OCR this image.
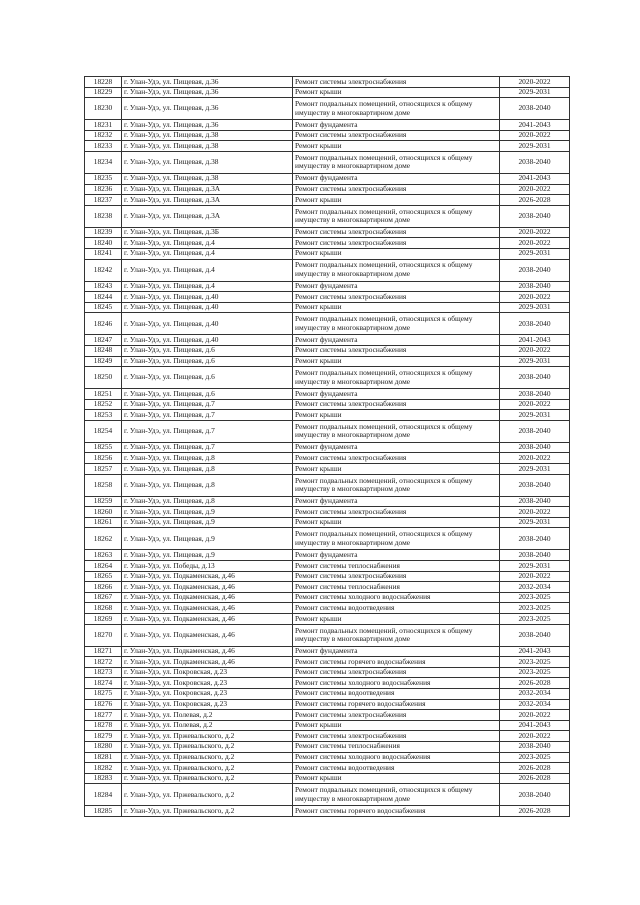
18228	г. Улан-Удэ, ул. Пищевая, д.36	Ремонт системы электроснабжения	2020-2022
18229	г. Улан-Удэ, ул. Пищевая, д.36	Ремонт крыши	2029-2031
18230	г. Улан-Удэ, ул. Пищевая, д.36	Ремонт подвальных помещений, относящихся к общему имуществу в многоквартирном доме	2038-2040
18231	г. Улан-Удэ, ул. Пищевая, д.36	Ремонт фундамента	2041-2043
18232	г. Улан-Удэ, ул. Пищевая, д.38	Ремонт системы электроснабжения	2020-2022
18233	г. Улан-Удэ, ул. Пищевая, д.38	Ремонт крыши	2029-2031
18234	г. Улан-Удэ, ул. Пищевая, д.38	Ремонт подвальных помещений, относящихся к общему имуществу в многоквартирном доме	2038-2040
18235	г. Улан-Удэ, ул. Пищевая, д.38	Ремонт фундамента	2041-2043
18236	г. Улан-Удэ, ул. Пищевая, д.3А	Ремонт системы электроснабжения	2020-2022
18237	г. Улан-Удэ, ул. Пищевая, д.3А	Ремонт крыши	2026-2028
18238	г. Улан-Удэ, ул. Пищевая, д.3А	Ремонт подвальных помещений, относящихся к общему имуществу в многоквартирном доме	2038-2040
18239	г. Улан-Удэ, ул. Пищевая, д.3Б	Ремонт системы электроснабжения	2020-2022
18240	г. Улан-Удэ, ул. Пищевая, д.4	Ремонт системы электроснабжения	2020-2022
18241	г. Улан-Удэ, ул. Пищевая, д.4	Ремонт крыши	2029-2031
18242	г. Улан-Удэ, ул. Пищевая, д.4	Ремонт подвальных помещений, относящихся к общему имуществу в многоквартирном доме	2038-2040
18243	г. Улан-Удэ, ул. Пищевая, д.4	Ремонт фундамента	2038-2040
18244	г. Улан-Удэ, ул. Пищевая, д.40	Ремонт системы электроснабжения	2020-2022
18245	г. Улан-Удэ, ул. Пищевая, д.40	Ремонт крыши	2029-2031
18246	г. Улан-Удэ, ул. Пищевая, д.40	Ремонт подвальных помещений, относящихся к общему имуществу в многоквартирном доме	2038-2040
18247	г. Улан-Удэ, ул. Пищевая, д.40	Ремонт фундамента	2041-2043
18248	г. Улан-Удэ, ул. Пищевая, д.6	Ремонт системы электроснабжения	2020-2022
18249	г. Улан-Удэ, ул. Пищевая, д.6	Ремонт крыши	2029-2031
18250	г. Улан-Удэ, ул. Пищевая, д.6	Ремонт подвальных помещений, относящихся к общему имуществу в многоквартирном доме	2038-2040
18251	г. Улан-Удэ, ул. Пищевая, д.6	Ремонт фундамента	2038-2040
18252	г. Улан-Удэ, ул. Пищевая, д.7	Ремонт системы электроснабжения	2020-2022
18253	г. Улан-Удэ, ул. Пищевая, д.7	Ремонт крыши	2029-2031
18254	г. Улан-Удэ, ул. Пищевая, д.7	Ремонт подвальных помещений, относящихся к общему имуществу в многоквартирном доме	2038-2040
18255	г. Улан-Удэ, ул. Пищевая, д.7	Ремонт фундамента	2038-2040
18256	г. Улан-Удэ, ул. Пищевая, д.8	Ремонт системы электроснабжения	2020-2022
18257	г. Улан-Удэ, ул. Пищевая, д.8	Ремонт крыши	2029-2031
18258	г. Улан-Удэ, ул. Пищевая, д.8	Ремонт подвальных помещений, относящихся к общему имуществу в многоквартирном доме	2038-2040
18259	г. Улан-Удэ, ул. Пищевая, д.8	Ремонт фундамента	2038-2040
18260	г. Улан-Удэ, ул. Пищевая, д.9	Ремонт системы электроснабжения	2020-2022
18261	г. Улан-Удэ, ул. Пищевая, д.9	Ремонт крыши	2029-2031
18262	г. Улан-Удэ, ул. Пищевая, д.9	Ремонт подвальных помещений, относящихся к общему имуществу в многоквартирном доме	2038-2040
18263	г. Улан-Удэ, ул. Пищевая, д.9	Ремонт фундамента	2038-2040
18264	г. Улан-Удэ, ул. Победы, д.13	Ремонт системы теплоснабжения	2029-2031
18265	г. Улан-Удэ, ул. Подкаменская, д.46	Ремонт системы электроснабжения	2020-2022
18266	г. Улан-Удэ, ул. Подкаменская, д.46	Ремонт системы теплоснабжения	2032-2034
18267	г. Улан-Удэ, ул. Подкаменская, д.46	Ремонт системы холодного водоснабжения	2023-2025
18268	г. Улан-Удэ, ул. Подкаменская, д.46	Ремонт системы водоотведения	2023-2025
18269	г. Улан-Удэ, ул. Подкаменская, д.46	Ремонт крыши	2023-2025
18270	г. Улан-Удэ, ул. Подкаменская, д.46	Ремонт подвальных помещений, относящихся к общему имуществу в многоквартирном доме	2038-2040
18271	г. Улан-Удэ, ул. Подкаменская, д.46	Ремонт фундамента	2041-2043
18272	г. Улан-Удэ, ул. Подкаменская, д.46	Ремонт системы горячего водоснабжения	2023-2025
18273	г. Улан-Удэ, ул. Покровская, д.23	Ремонт системы электроснабжения	2023-2025
18274	г. Улан-Удэ, ул. Покровская, д.23	Ремонт системы холодного водоснабжения	2026-2028
18275	г. Улан-Удэ, ул. Покровская, д.23	Ремонт системы водоотведения	2032-2034
18276	г. Улан-Удэ, ул. Покровская, д.23	Ремонт системы горячего водоснабжения	2032-2034
18277	г. Улан-Удэ, ул. Полевая, д.2	Ремонт системы электроснабжения	2020-2022
18278	г. Улан-Удэ, ул. Полевая, д.2	Ремонт крыши	2041-2043
18279	г. Улан-Удэ, ул. Пржевальского, д.2	Ремонт системы электроснабжения	2020-2022
18280	г. Улан-Удэ, ул. Пржевальского, д.2	Ремонт системы теплоснабжения	2038-2040
18281	г. Улан-Удэ, ул. Пржевальского, д.2	Ремонт системы холодного водоснабжения	2023-2025
18282	г. Улан-Удэ, ул. Пржевальского, д.2	Ремонт системы водоотведения	2026-2028
18283	г. Улан-Удэ, ул. Пржевальского, д.2	Ремонт крыши	2026-2028
18284	г. Улан-Удэ, ул. Пржевальского, д.2	Ремонт подвальных помещений, относящихся к общему имуществу в многоквартирном доме	2038-2040
18285	г. Улан-Удэ, ул. Пржевальского, д.2	Ремонт системы горячего водоснабжения	2026-2028
